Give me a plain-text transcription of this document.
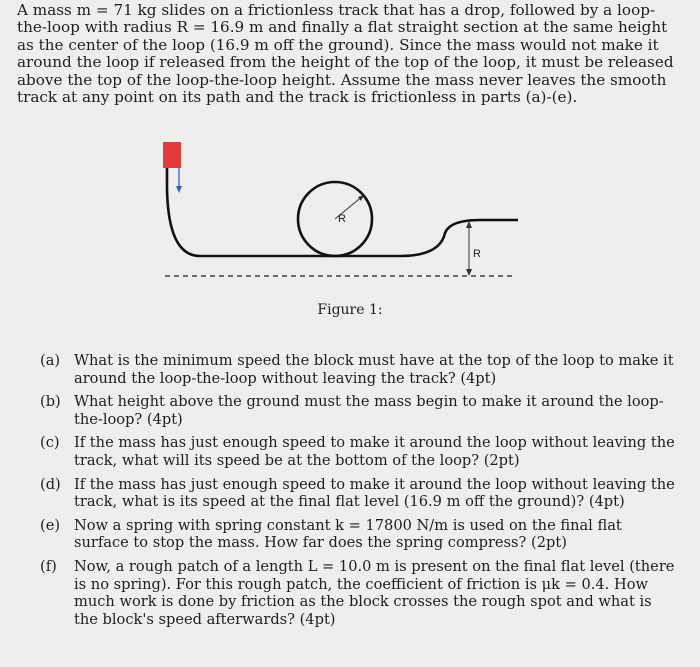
A mass m = 71 kg slides on a frictionless track that has a drop, followed by a loop-the-loop with radius R = 16.9 m and finally a flat straight section at the same height as the center of the loop (16.9 m off the ground). Since the mass would not make it around the loop if released from the height of the top of the loop, it must be released above the top of the loop-the-loop height. Assume the mass never leaves the smooth track at any point on its path and the track is frictionless in parts (a)-(e).

R
R
Figure 1:
(a) What is the minimum speed the block must have at the top of the loop to make it around the loop-the-loop without leaving the track? (4pt)
(b) What height above the ground must the mass begin to make it around the loop-the-loop? (4pt)
(c) If the mass has just enough speed to make it around the loop without leaving the track, what will its speed be at the bottom of the loop? (2pt)
(d) If the mass has just enough speed to make it around the loop without leaving the track, what is its speed at the final flat level (16.9 m off the ground)? (4pt)
(e) Now a spring with spring constant k = 17800 N/m is used on the final flat surface to stop the mass. How far does the spring compress? (2pt)
(f)	Now, a rough patch of a length L = 10.0 m is present on the final flat level (there is no spring). For this rough patch, the coefficient of friction is μk = 0.4. How much work is done by friction as the block crosses the rough spot and what is the block's speed afterwards? (4pt)
